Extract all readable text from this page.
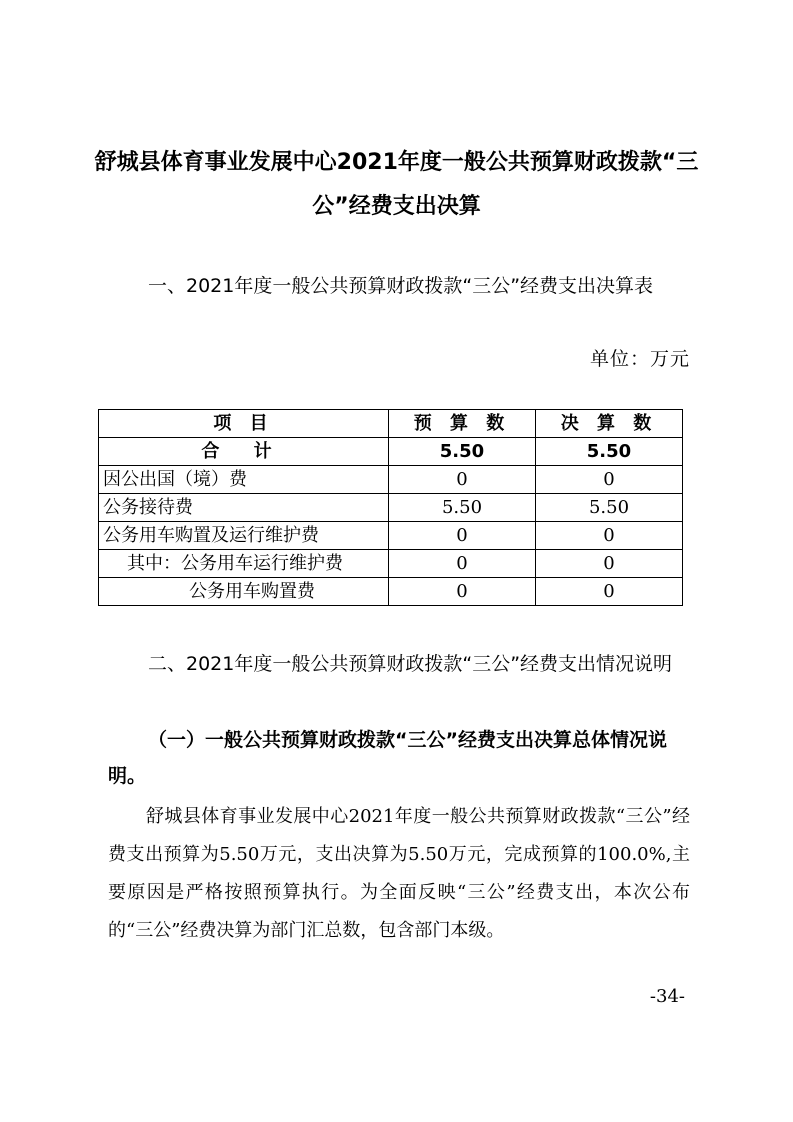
舒城县体育事业发展中心2021年度一般公共预算财政拨款“三公”经费支出决算

一、2021年度一般公共预算财政拨款“三公”经费支出决算表

单位：万元

项 目	预 算 数	决 算 数
合 计	5.50	5.50
因公出国（境）费	0	0
公务接待费	5.50	5.50
公务用车购置及运行维护费	0	0
其中：公务用车运行维护费	0	0
公务用车购置费	0	0

二、2021年度一般公共预算财政拨款“三公”经费支出情况说明

（一）一般公共预算财政拨款“三公”经费支出决算总体情况说明。

舒城县体育事业发展中心2021年度一般公共预算财政拨款“三公”经费支出预算为5.50万元，支出决算为5.50万元，完成预算的100.0%,主要原因是严格按照预算执行。为全面反映“三公”经费支出，本次公布的“三公”经费决算为部门汇总数，包含部门本级。

-34-
